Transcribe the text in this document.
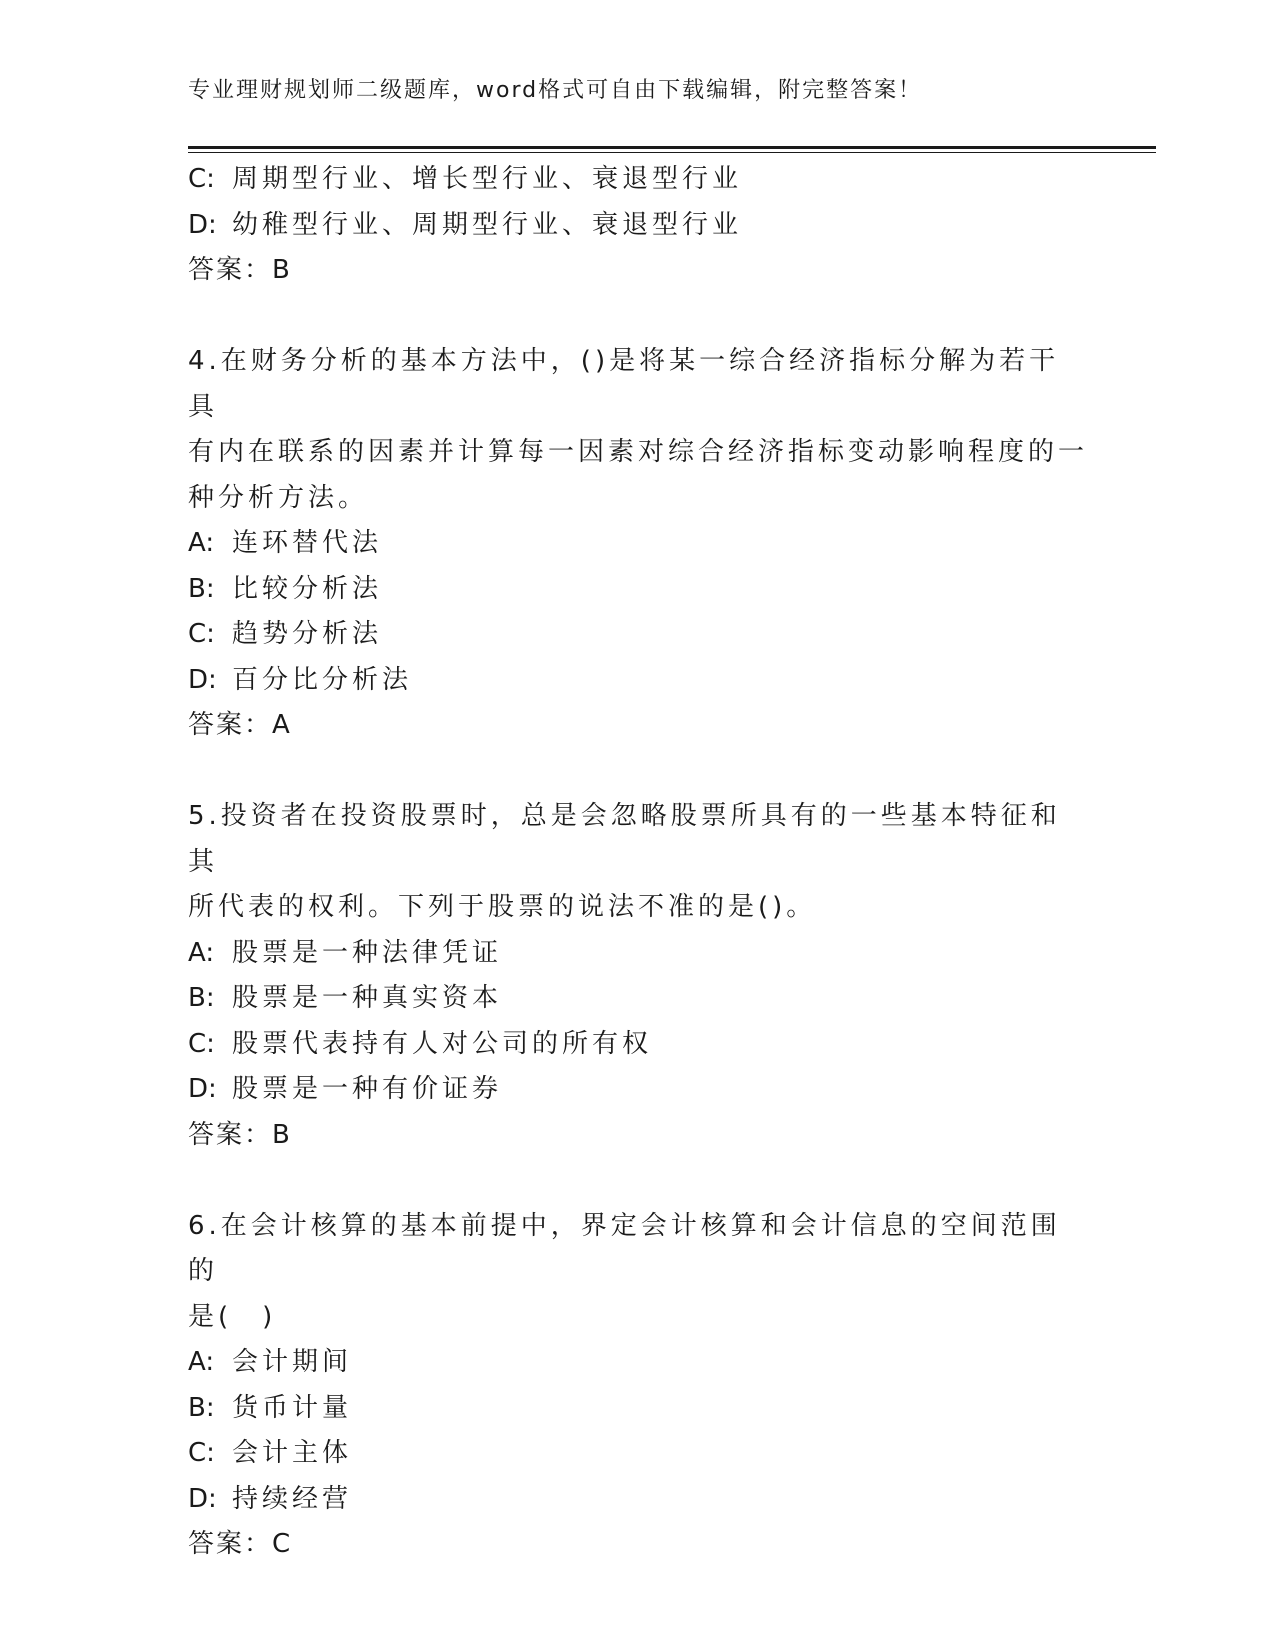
专业理财规划师二级题库，word格式可自由下载编辑，附完整答案！
C: 周期型行业、增长型行业、衰退型行业
D: 幼稚型行业、周期型行业、衰退型行业
答案：B
4.在财务分析的基本方法中，()是将某一综合经济指标分解为若干具
有内在联系的因素并计算每一因素对综合经济指标变动影响程度的一
种分析方法。
A: 连环替代法
B: 比较分析法
C: 趋势分析法
D: 百分比分析法
答案：A
5.投资者在投资股票时，总是会忽略股票所具有的一些基本特征和其
所代表的权利。下列于股票的说法不准的是()。
A: 股票是一种法律凭证
B: 股票是一种真实资本
C: 股票代表持有人对公司的所有权
D: 股票是一种有价证券
答案：B
6.在会计核算的基本前提中，界定会计核算和会计信息的空间范围的
是(　)
A: 会计期间
B: 货币计量
C: 会计主体
D: 持续经营
答案：C
